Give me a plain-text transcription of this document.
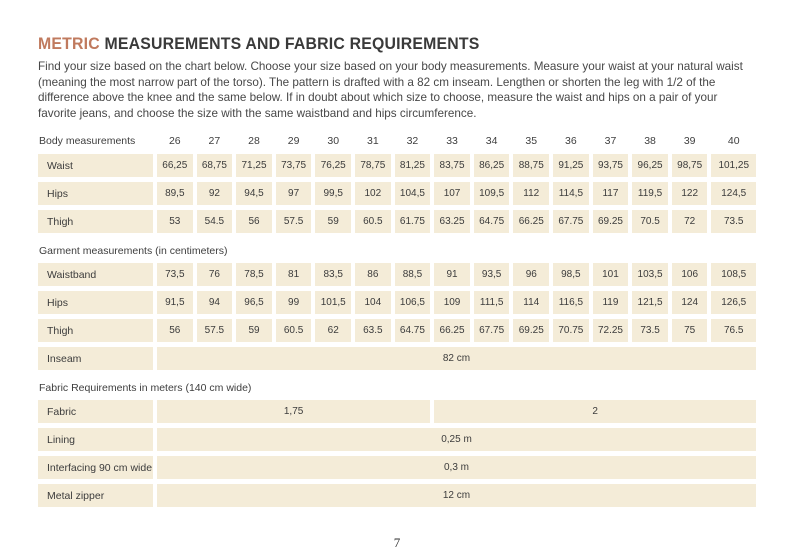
METRIC MEASUREMENTS AND FABRIC REQUIREMENTS

Find your size based on the chart below. Choose your size based on your body measurements. Measure your waist at your natural waist (meaning the most narrow part of the torso). The pattern is drafted with a 82 cm inseam. Lengthen or shorten the leg with 1/2 of the difference above the knee and the same below. If in doubt about which size to choose, measure the waist and hips on a pair of your favorite jeans, and choose the size with the same waistband and hips circumference.

Body measurements	26	27	28	29	30	31	32	33	34	35	36	37	38	39	40
Waist	66,25	68,75	71,25	73,75	76,25	78,75	81,25	83,75	86,25	88,75	91,25	93,75	96,25	98,75	101,25
Hips	89,5	92	94,5	97	99,5	102	104,5	107	109,5	112	114,5	117	119,5	122	124,5
Thigh	53	54.5	56	57.5	59	60.5	61.75	63.25	64.75	66.25	67.75	69.25	70.5	72	73.5
Garment measurements (in centimeters)
Waistband	73,5	76	78,5	81	83,5	86	88,5	91	93,5	96	98,5	101	103,5	106	108,5
Hips	91,5	94	96,5	99	101,5	104	106,5	109	111,5	114	116,5	119	121,5	124	126,5
Thigh	56	57.5	59	60.5	62	63.5	64.75	66.25	67.75	69.25	70.75	72.25	73.5	75	76.5
Inseam	82 cm
Fabric Requirements in meters (140 cm wide)
Fabric	1,75	2
Lining	0,25 m
Interfacing 90 cm wide	0,3 m
Metal zipper	12 cm
7
